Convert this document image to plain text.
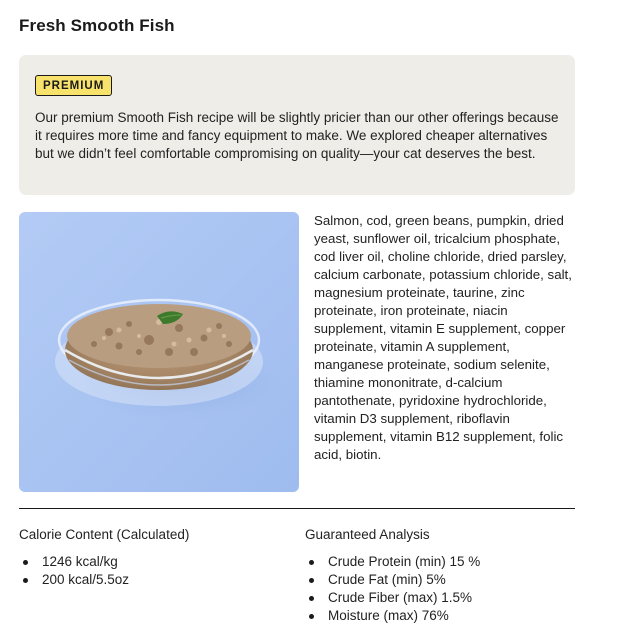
Fresh Smooth Fish
PREMIUM

Our premium Smooth Fish recipe will be slightly pricier than our other offerings because it requires more time and fancy equipment to make. We explored cheaper alternatives but we didn’t feel comfortable compromising on quality—your cat deserves the best.

Salmon, cod, green beans, pumpkin, dried yeast, sunflower oil, tricalcium phosphate, cod liver oil, choline chloride, dried parsley, calcium carbonate, potassium chloride, salt, magnesium proteinate, taurine, zinc proteinate, iron proteinate, niacin supplement, vitamin E supplement, copper proteinate, vitamin A supplement, manganese proteinate, sodium selenite, thiamine mononitrate, d-calcium pantothenate, pyridoxine hydrochloride, vitamin D3 supplement, riboflavin supplement, vitamin B12 supplement, folic acid, biotin.

Calorie Content (Calculated)
1246 kcal/kg
200 kcal/5.5oz
Guaranteed Analysis
Crude Protein (min) 15 %
Crude Fat (min) 5%
Crude Fiber (max) 1.5%
Moisture (max) 76%
